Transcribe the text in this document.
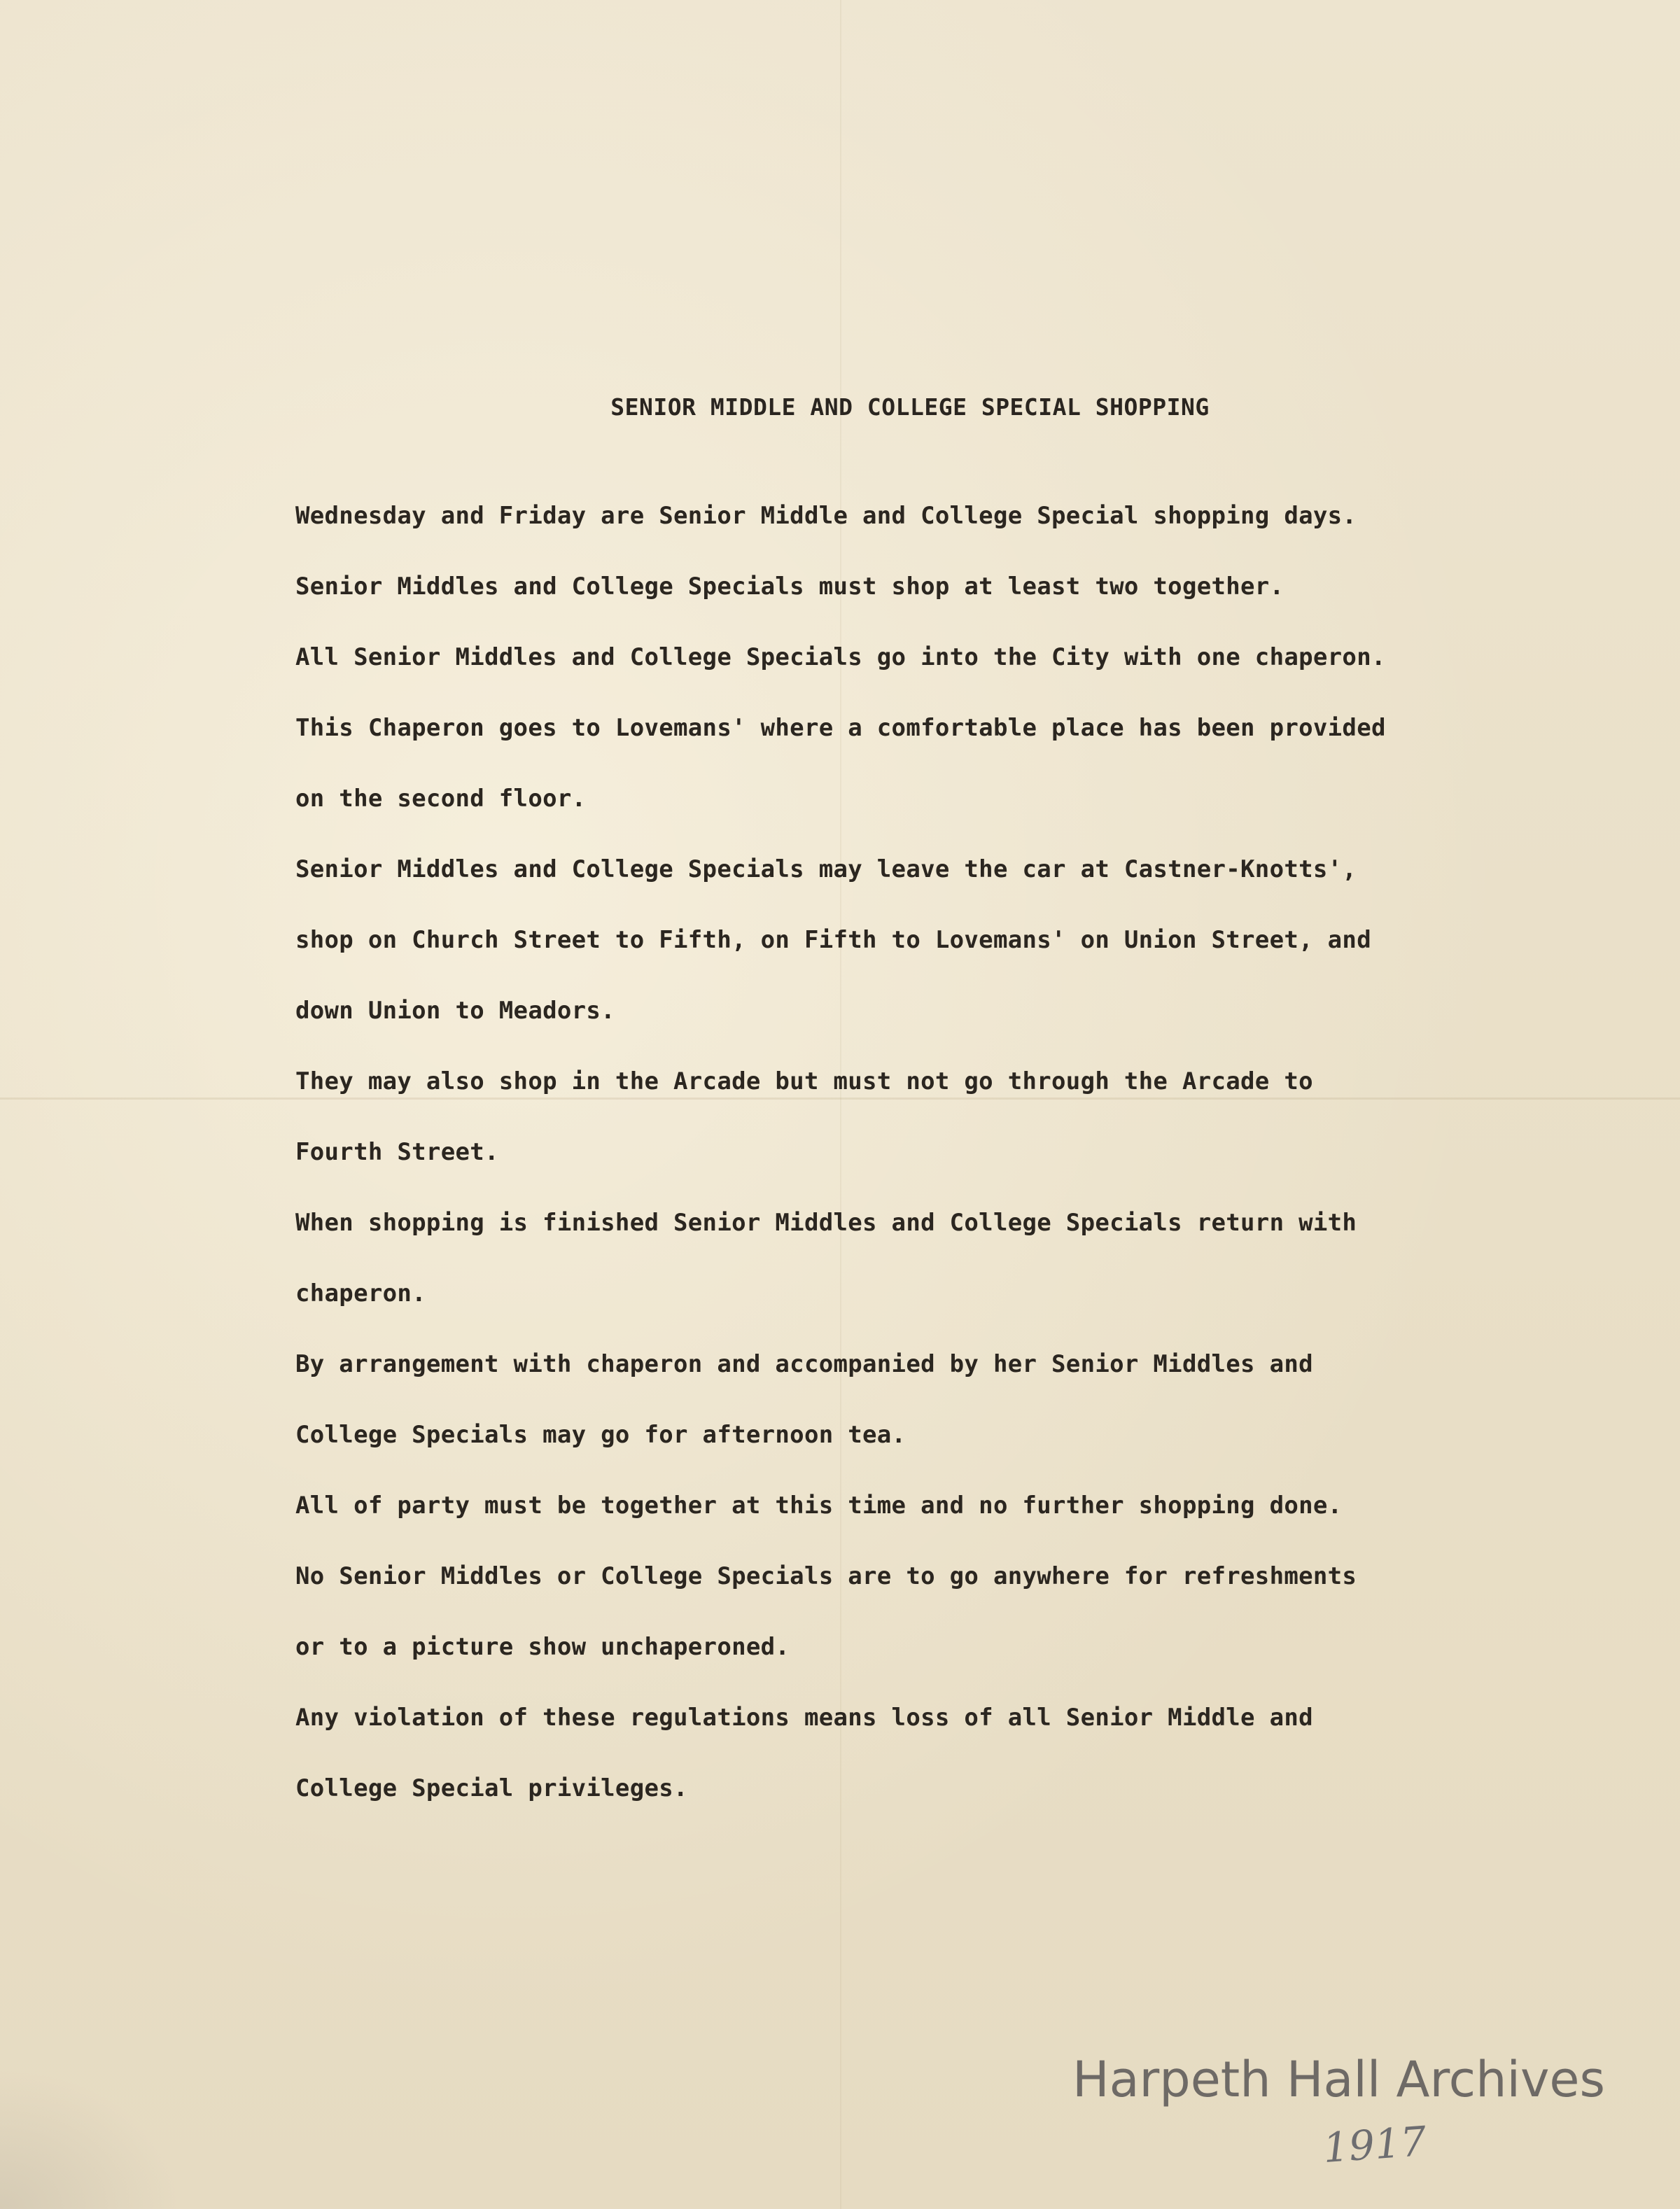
SENIOR MIDDLE AND COLLEGE SPECIAL SHOPPING
Wednesday and Friday are Senior Middle and College Special shopping days.
Senior Middles and College Specials must shop at least two together.
All Senior Middles and College Specials go into the City with one chaperon.
This Chaperon goes to Lovemans' where a comfortable place has been provided
on the second floor.
Senior Middles and College Specials may leave the car at Castner-Knotts',
shop on Church Street to Fifth, on Fifth to Lovemans' on Union Street, and
down Union to Meadors.
They may also shop in the Arcade but must not go through the Arcade to
Fourth Street.
When shopping is finished Senior Middles and College Specials return with
chaperon.
By arrangement with chaperon and accompanied by her Senior Middles and
College Specials may go for afternoon tea.
All of party must be together at this time and no further shopping done.
No Senior Middles or College Specials are to go anywhere for refreshments
or to a picture show unchaperoned.
Any violation of these regulations means loss of all Senior Middle and
College Special privileges.
Harpeth Hall Archives
1917
